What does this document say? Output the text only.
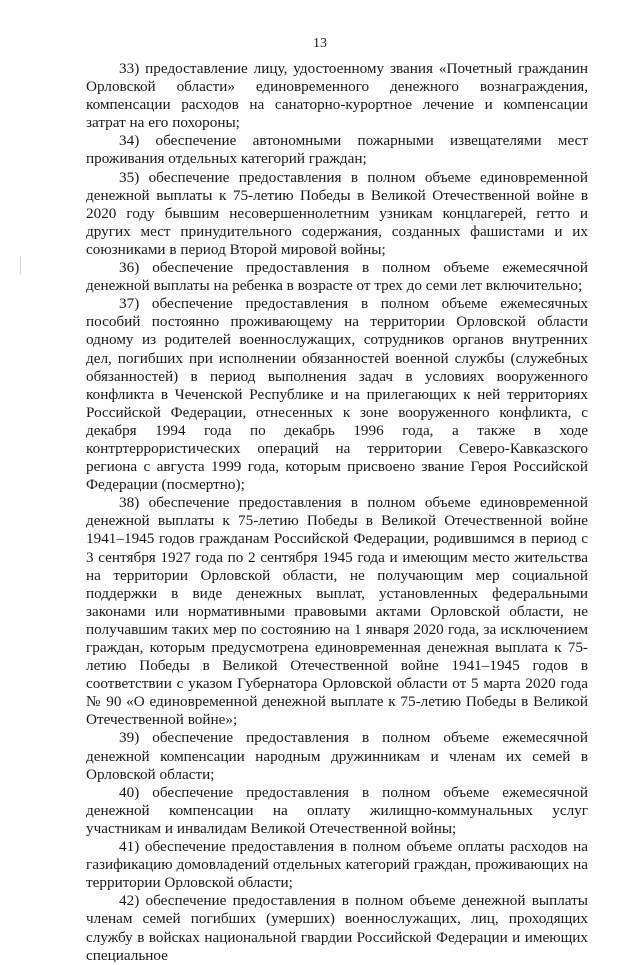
13

33) предоставление лицу, удостоенному звания «Почетный гражданин Орловской области» единовременного денежного вознаграждения, компенсации расходов на санаторно-курортное лечение и компенсации затрат на его похороны;

34) обеспечение автономными пожарными извещателями мест проживания отдельных категорий граждан;

35) обеспечение предоставления в полном объеме единовременной денежной выплаты к 75-летию Победы в Великой Отечественной войне в 2020 году бывшим несовершеннолетним узникам концлагерей, гетто и других мест принудительного содержания, созданных фашистами и их союзниками в период Второй мировой войны;

36) обеспечение предоставления в полном объеме ежемесячной денежной выплаты на ребенка в возрасте от трех до семи лет включительно;

37) обеспечение предоставления в полном объеме ежемесячных пособий постоянно проживающему на территории Орловской области одному из родителей военнослужащих, сотрудников органов внутренних дел, погибших при исполнении обязанностей военной службы (служебных обязанностей) в период выполнения задач в условиях вооруженного конфликта в Чеченской Республике и на прилегающих к ней территориях Российской Федерации, отнесенных к зоне вооруженного конфликта, с декабря 1994 года по декабрь 1996 года, а также в ходе контртеррористических операций на территории Северо-Кавказского региона с августа 1999 года, которым присвоено звание Героя Российской Федерации (посмертно);

38) обеспечение предоставления в полном объеме единовременной денежной выплаты к 75-летию Победы в Великой Отечественной войне 1941–1945 годов гражданам Российской Федерации, родившимся в период с 3 сентября 1927 года по 2 сентября 1945 года и имеющим место жительства на территории Орловской области, не получающим мер социальной поддержки в виде денежных выплат, установленных федеральными законами или нормативными правовыми актами Орловской области, не получавшим таких мер по состоянию на 1 января 2020 года, за исключением граждан, которым предусмотрена единовременная денежная выплата к 75-летию Победы в Великой Отечественной войне 1941–1945 годов в соответствии с указом Губернатора Орловской области от 5 марта 2020 года № 90 «О единовременной денежной выплате к 75-летию Победы в Великой Отечественной войне»;

39) обеспечение предоставления в полном объеме ежемесячной денежной компенсации народным дружинникам и членам их семей в Орловской области;

40) обеспечение предоставления в полном объеме ежемесячной денежной компенсации на оплату жилищно-коммунальных услуг участникам и инвалидам Великой Отечественной войны;

41) обеспечение предоставления в полном объеме оплаты расходов на газификацию домовладений отдельных категорий граждан, проживающих на территории Орловской области;

42) обеспечение предоставления в полном объеме денежной выплаты членам семей погибших (умерших) военнослужащих, лиц, проходящих службу в войсках национальной гвардии Российской Федерации и имеющих специальное
